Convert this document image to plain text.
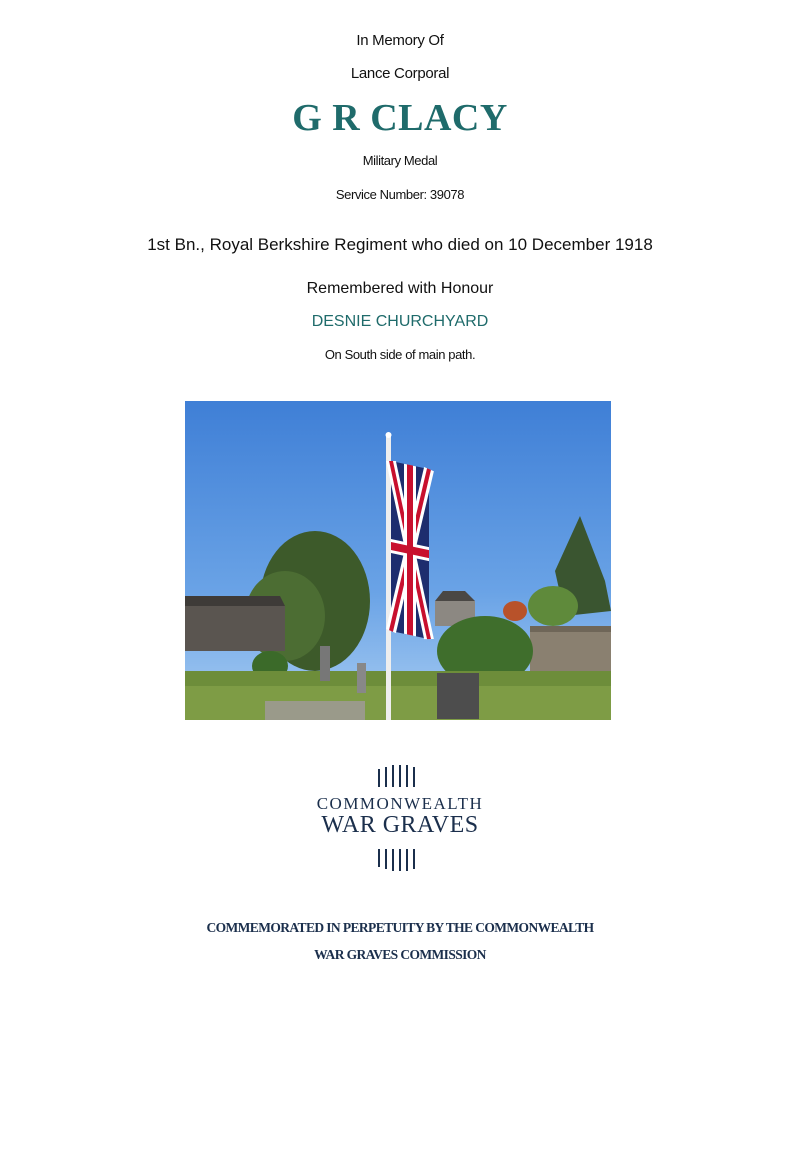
In Memory Of
Lance Corporal
G R CLACY
Military Medal
Service Number: 39078
1st Bn., Royal Berkshire Regiment who died on 10 December 1918
Remembered with Honour
DESNIE CHURCHYARD
On South side of main path.
COMMONWEALTH
WAR GRAVES
COMMEMORATED IN PERPETUITY BY THE COMMONWEALTH
WAR GRAVES COMMISSION
